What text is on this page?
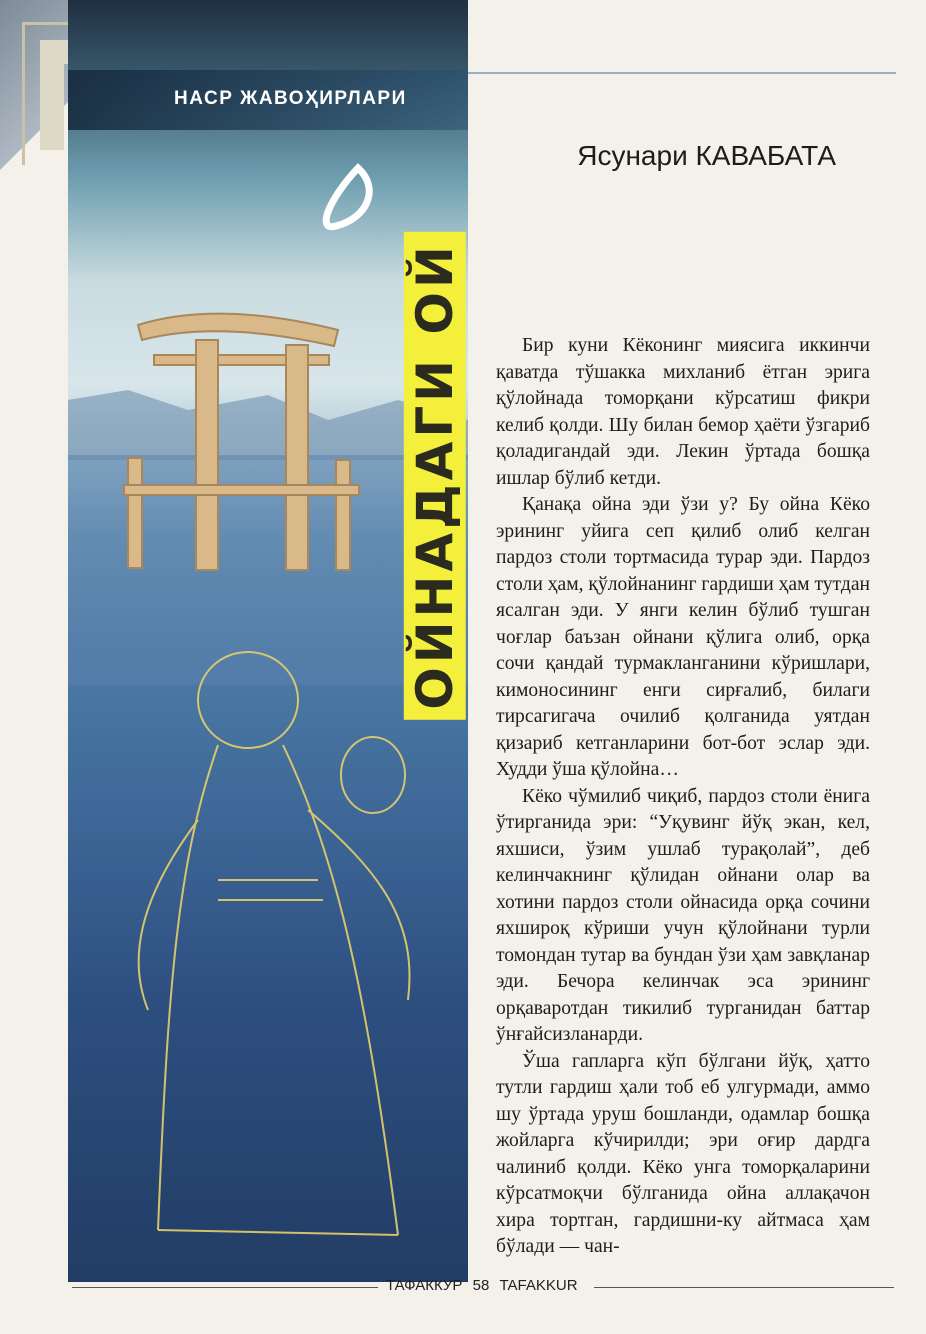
НАСР ЖАВОҲИРЛАРИ
ОЙНАДАГИ ОЙ
Ясунари КАВАБАТА

Бир куни Кёконинг миясига иккинчи қаватда тўшакка михланиб ётган эрига қўлойнада томорқани кўрсатиш фикри келиб қолди. Шу билан бемор ҳаёти ўзгариб қоладигандай эди. Лекин ўртада бошқа ишлар бўлиб кетди.

Қанақа ойна эди ўзи у? Бу ойна Кёко эрининг уйига сеп қилиб олиб келган пардоз столи тортмасида турар эди. Пардоз столи ҳам, қўлойнанинг гардиши ҳам тутдан ясалган эди. У янги келин бўлиб тушган чоғлар баъзан ойнани қўлига олиб, орқа сочи қандай турмакланганини кўришлари, кимоносининг енги сирғалиб, билаги тирсагигача очилиб қолганида уятдан қизариб кетганларини бот-бот эслар эди. Худди ўша қўлойна…

Кёко чўмилиб чиқиб, пардоз столи ёнига ўтирганида эри: “Уқувинг йўқ экан, кел, яхшиси, ўзим ушлаб турақолай”, деб келинчакнинг қўлидан ойнани олар ва хотини пардоз столи ойнасида орқа сочини яхшироқ кўриши учун қўлойнани турли томондан тутар ва бундан ўзи ҳам завқланар эди. Бечора келинчак эса эрининг орқаваротдан тикилиб турганидан баттар ўнғайсизланарди.

Ўша гапларга кўп бўлгани йўқ, ҳатто тутли гардиш ҳали тоб еб улгурмади, аммо шу ўртада уруш бошланди, одамлар бошқа жойларга кўчирилди; эри оғир дардга чалиниб қолди. Кёко унга томорқаларини кўрсатмоқчи бўлганида ойна аллақачон хира тортган, гардишни-ку айтмаса ҳам бўлади — чан-

ТАФАККУР 58 TAFAKKUR
